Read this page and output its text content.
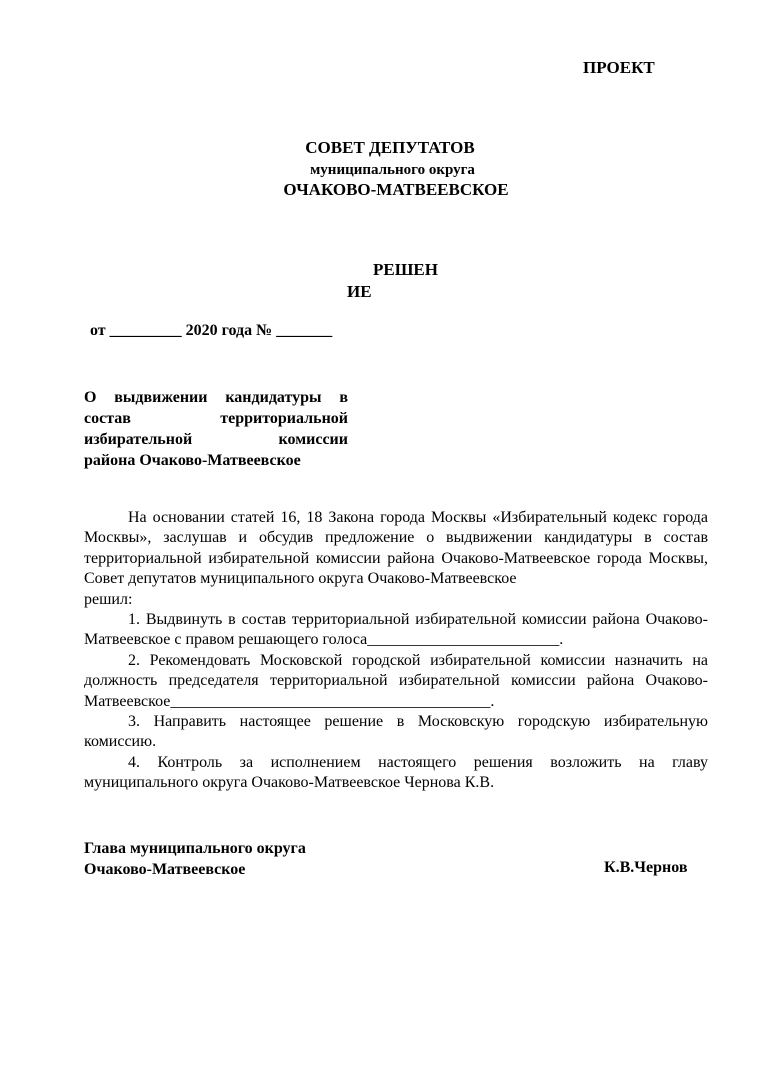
ПРОЕКТ
СОВЕТ ДЕПУТАТОВ
муниципального округа
ОЧАКОВО-МАТВЕЕВСКОЕ
РЕШЕН
ИЕ
от _________ 2020 года № _______
О выдвижении кандидатуры в
состав территориальной
избирательной комиссии
района Очаково-Матвеевское

На основании статей 16, 18 Закона города Москвы «Избирательный кодекс города Москвы», заслушав и обсудив предложение о выдвижении кандидатуры в состав территориальной избирательной комиссии района Очаково-Матвеевское города Москвы, Совет депутатов муниципального округа Очаково-Матвеевское

решил:

1. Выдвинуть в состав территориальной избирательной комиссии района Очаково-Матвеевское с правом решающего голоса________________________.

2. Рекомендовать Московской городской избирательной комиссии назначить на должность председателя территориальной избирательной комиссии района Очаково-Матвеевское________________________________________.

3. Направить настоящее решение в Московскую городскую избирательную комиссию.

4. Контроль за исполнением настоящего решения возложить на главу муниципального округа Очаково-Матвеевское Чернова К.В.

Глава муниципального округа
Очаково-Матвеевское	К.В.Чернов
